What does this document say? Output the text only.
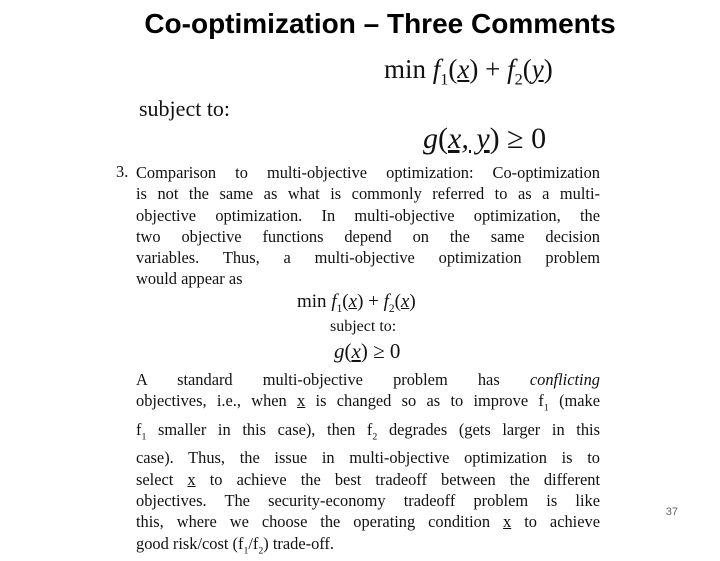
Co-optimization – Three Comments
$\min f_1(x) + f_2(y)$
subject to:
g(x, y) ≥ 0
3. Comparison to multi-objective optimization: Co-optimization
is not the same as what is commonly referred to as a multi-
objective optimization. In multi-objective optimization, the
two objective functions depend on the same decision
variables. Thus, a multi-objective optimization problem
would appear as
$\min f_1(x) + f_2(x)$
subject to:
g(x) ≥ 0
A standard multi-objective problem has conflicting
objectives, i.e., when x is changed so as to improve $f_1$ (make
$f_1$ smaller in this case), then $f_2$ degrades (gets larger in this
case). Thus, the issue in multi-objective optimization is to
select x to achieve the best tradeoff between the different
objectives. The security-economy tradeoff problem is like
this, where we choose the operating condition x to achieve
good risk/cost $(f_1/f_2)$ trade-off.
37
